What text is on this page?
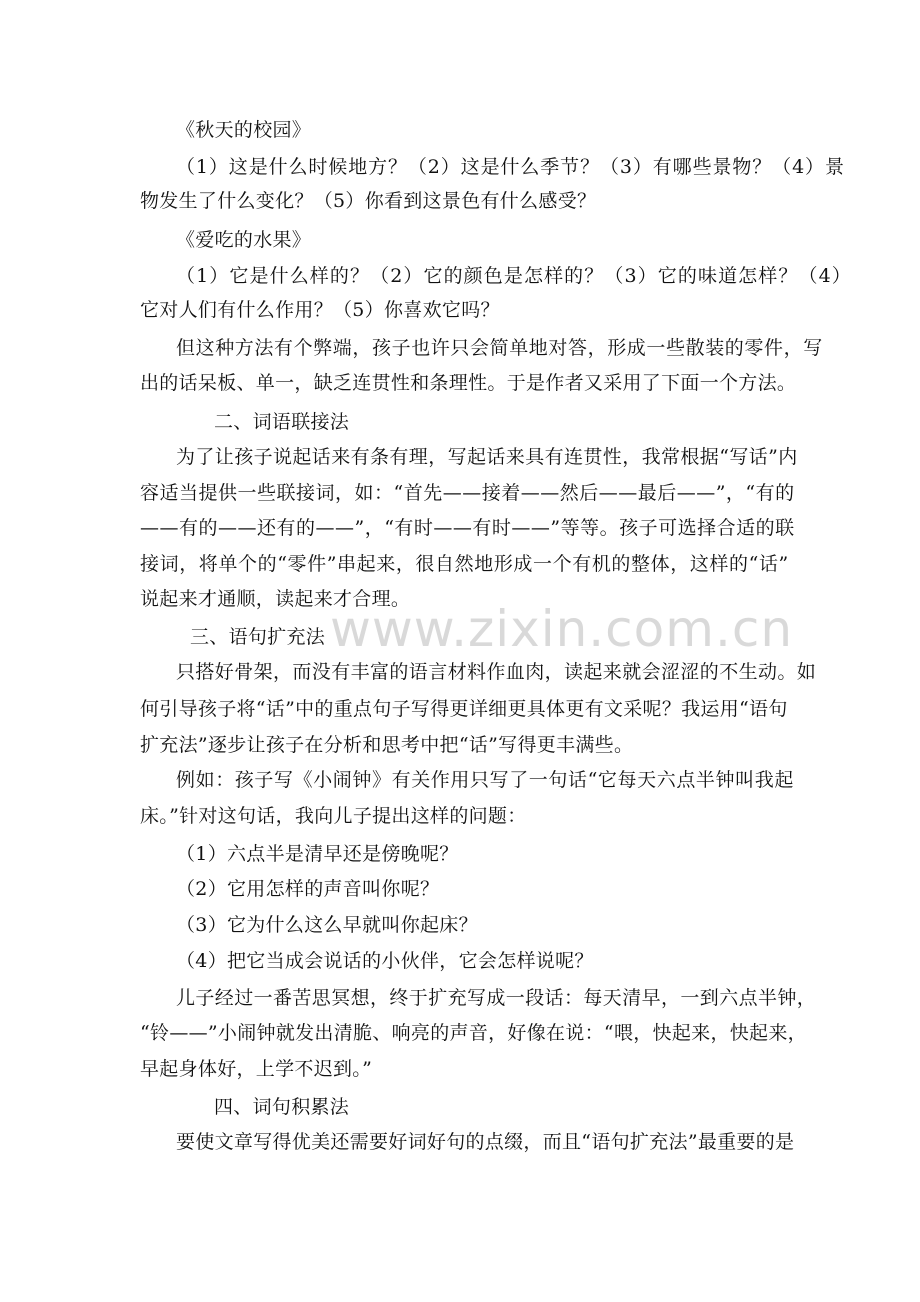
《秋天的校园》
（1）这是什么时候地方？（2）这是什么季节？（3）有哪些景物？（4）景
物发生了什么变化？（5）你看到这景色有什么感受？
《爱吃的水果》
（1）它是什么样的？（2）它的颜色是怎样的？（3）它的味道怎样？（4）
它对人们有什么作用？（5）你喜欢它吗？
但这种方法有个弊端，孩子也许只会简单地对答，形成一些散装的零件，写
出的话呆板、单一，缺乏连贯性和条理性。于是作者又采用了下面一个方法。
二、词语联接法
为了让孩子说起话来有条有理，写起话来具有连贯性，我常根据“写话”内
容适当提供一些联接词，如：“首先——接着——然后——最后——”，“有的
——有的——还有的——”，“有时——有时——”等等。孩子可选择合适的联
接词，将单个的“零件”串起来，很自然地形成一个有机的整体，这样的“话”
说起来才通顺，读起来才合理。
三、语句扩充法
只搭好骨架，而没有丰富的语言材料作血肉，读起来就会涩涩的不生动。如
何引导孩子将“话”中的重点句子写得更详细更具体更有文采呢？我运用“语句
扩充法”逐步让孩子在分析和思考中把“话”写得更丰满些。
例如：孩子写《小闹钟》有关作用只写了一句话“它每天六点半钟叫我起
床。”针对这句话，我向儿子提出这样的问题：
（1）六点半是清早还是傍晚呢？
（2）它用怎样的声音叫你呢？
（3）它为什么这么早就叫你起床？
（4）把它当成会说话的小伙伴，它会怎样说呢？
儿子经过一番苦思冥想，终于扩充写成一段话：每天清早，一到六点半钟，
“铃——”小闹钟就发出清脆、响亮的声音，好像在说：“喂，快起来，快起来，
早起身体好，上学不迟到。”
四、词句积累法
要使文章写得优美还需要好词好句的点缀，而且“语句扩充法”最重要的是
www.zixin.com.cn
